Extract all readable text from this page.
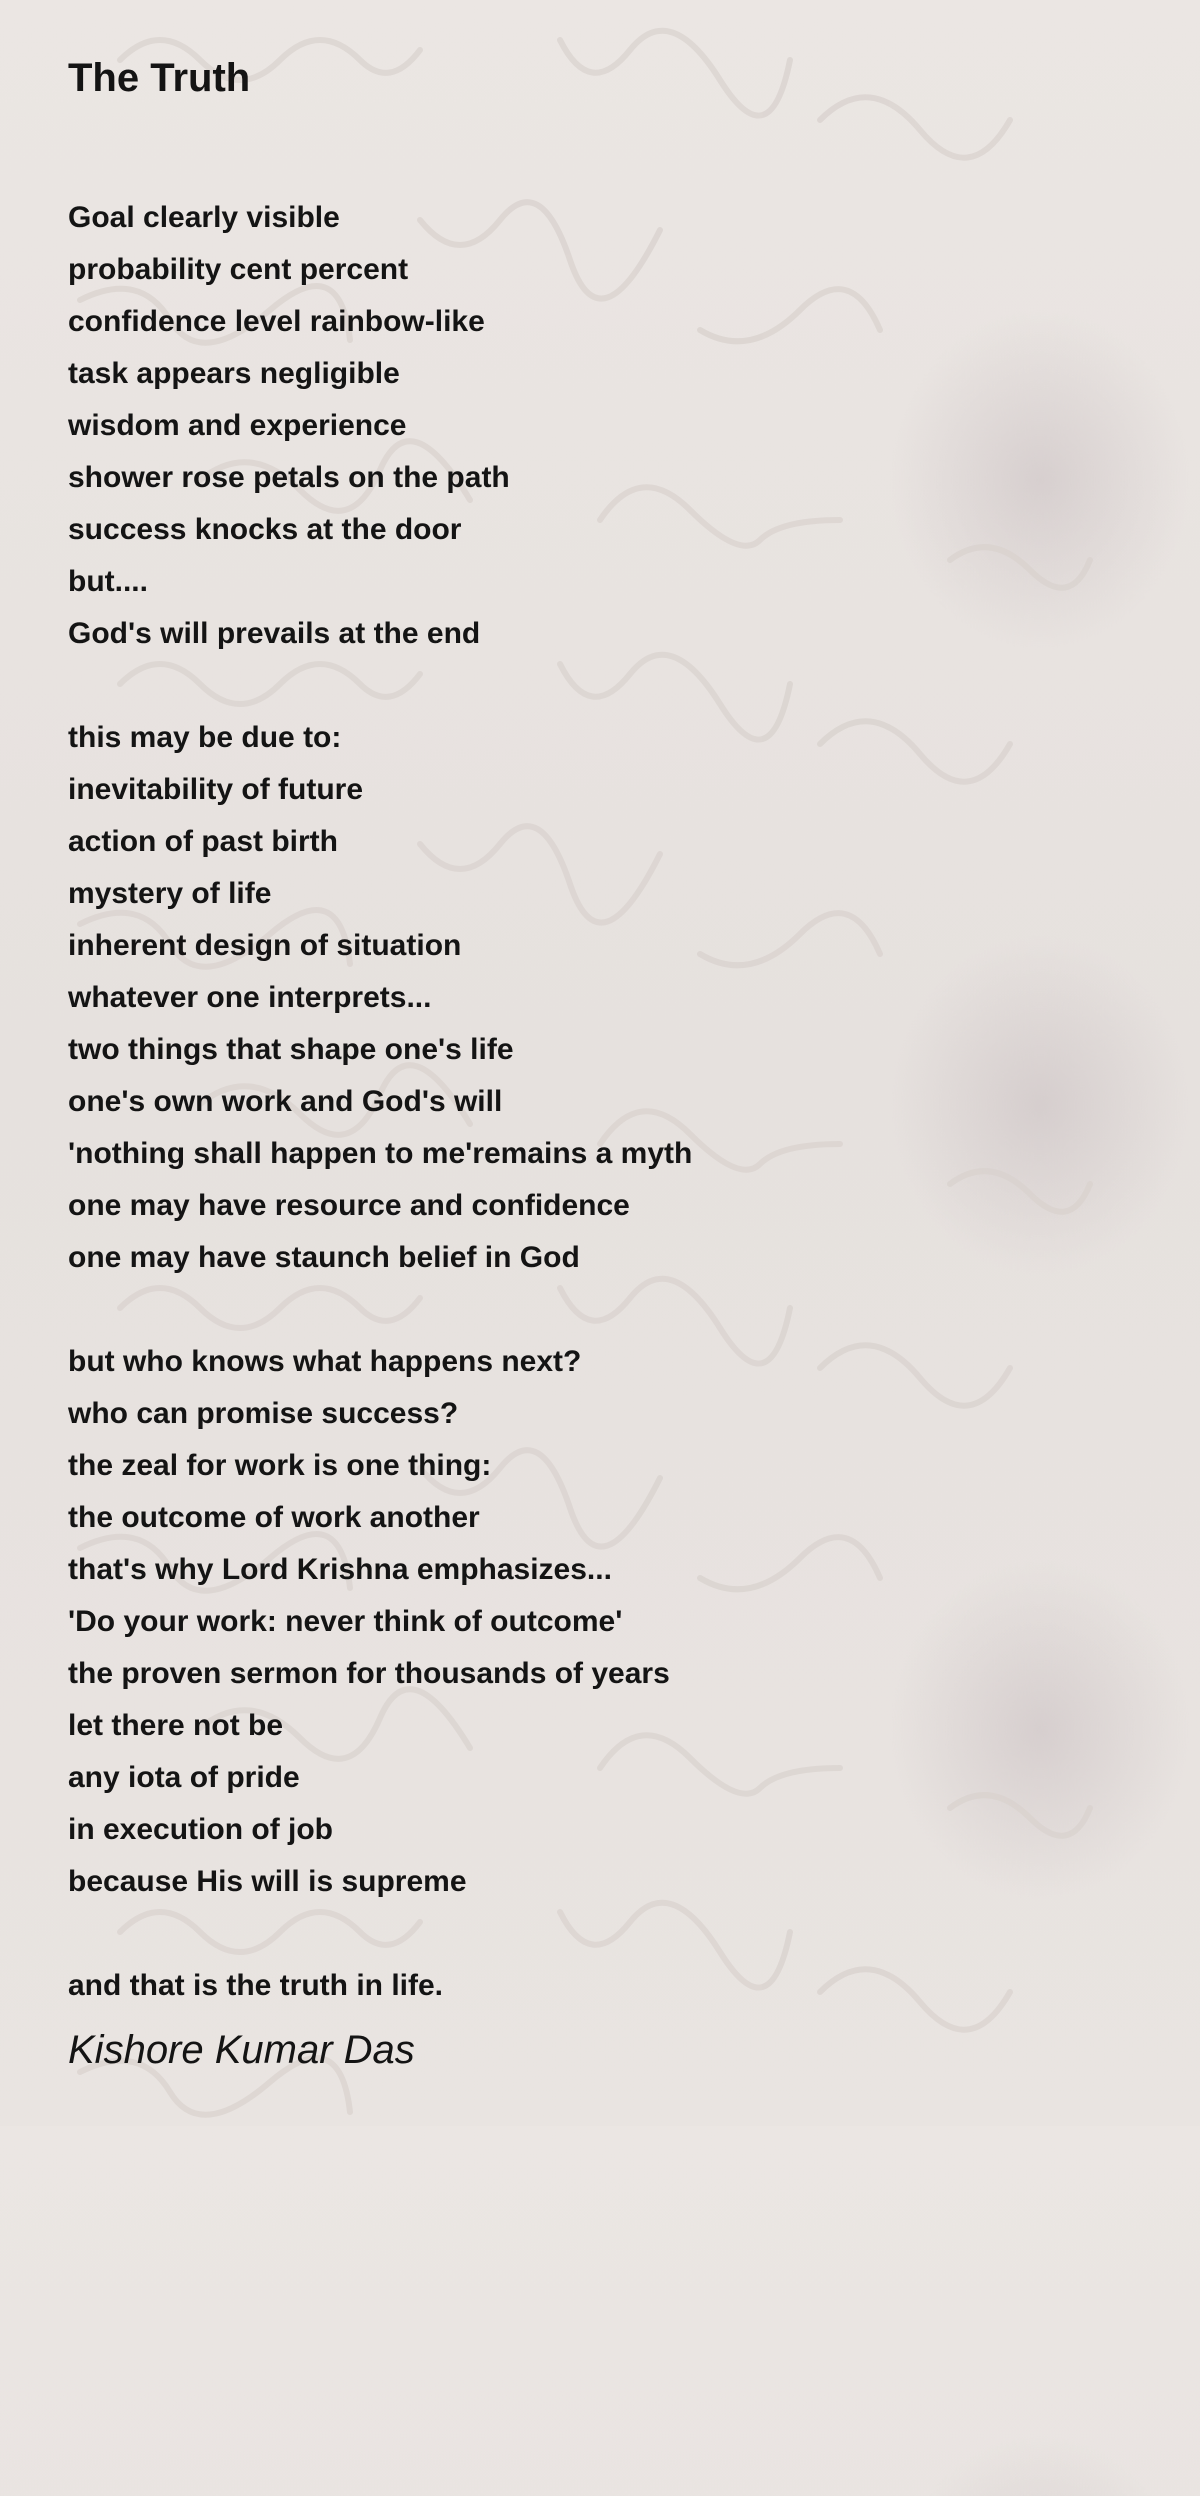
The Truth
Goal clearly visible
probability cent percent
confidence level rainbow-like
task appears negligible
wisdom and experience
shower rose petals on the path
success knocks at the door
but....
God's will prevails at the end
this may be due to:
inevitability of future
action of past birth
mystery of life
inherent design of situation
whatever one interprets...
two things that shape one's life
one's own work and God's will
'nothing shall happen to me'remains a myth
one may have resource and confidence
one may have staunch belief in God
but who knows what happens next?
who can promise success?
the zeal for work is one thing:
the outcome of work another
that's why Lord Krishna emphasizes...
'Do your work: never think of outcome'
the proven sermon for thousands of years
let there not be
any iota of pride
in execution of job
because His will is supreme
and that is the truth in life.
Kishore Kumar Das
